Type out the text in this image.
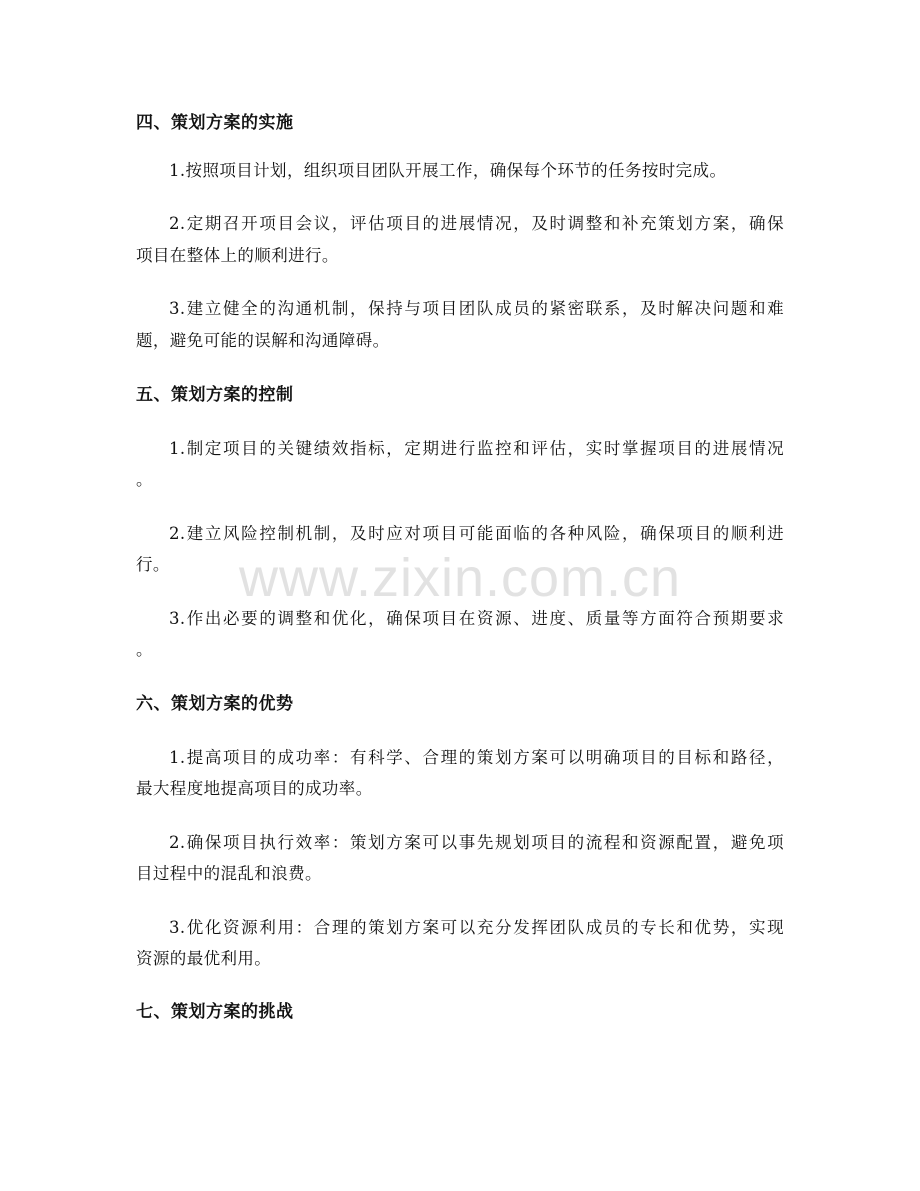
四、策划方案的实施
1.按照项目计划，组织项目团队开展工作，确保每个环节的任务按时完成。
2.定期召开项目会议，评估项目的进展情况，及时调整和补充策划方案，确保
项目在整体上的顺利进行。
3.建立健全的沟通机制，保持与项目团队成员的紧密联系，及时解决问题和难
题，避免可能的误解和沟通障碍。
五、策划方案的控制
1.制定项目的关键绩效指标，定期进行监控和评估，实时掌握项目的进展情况
。
2.建立风险控制机制，及时应对项目可能面临的各种风险，确保项目的顺利进
行。
3.作出必要的调整和优化，确保项目在资源、进度、质量等方面符合预期要求
。
六、策划方案的优势
1.提高项目的成功率：有科学、合理的策划方案可以明确项目的目标和路径，
最大程度地提高项目的成功率。
2.确保项目执行效率：策划方案可以事先规划项目的流程和资源配置，避免项
目过程中的混乱和浪费。
3.优化资源利用：合理的策划方案可以充分发挥团队成员的专长和优势，实现
资源的最优利用。
七、策划方案的挑战
www.zixin.com.cn
